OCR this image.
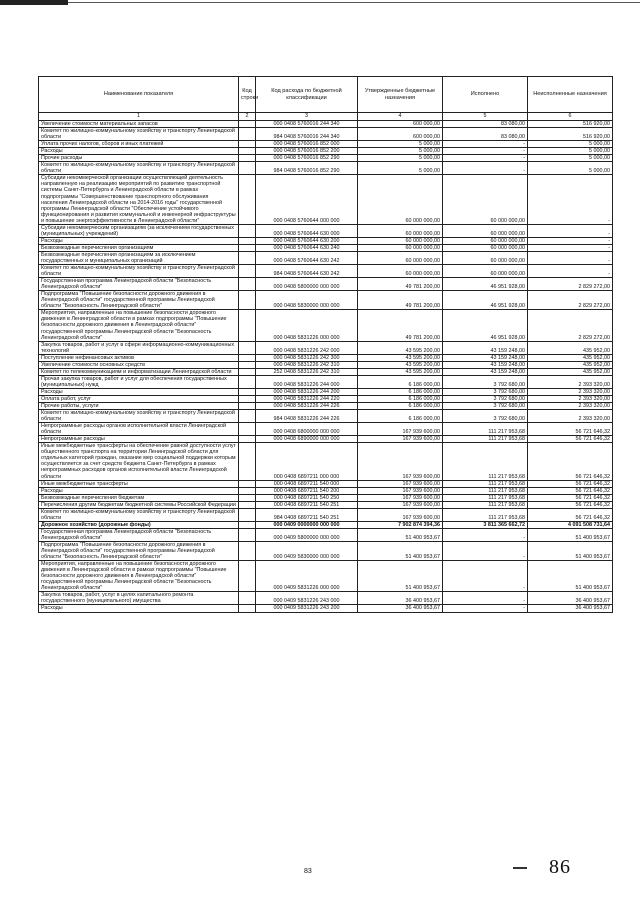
Наименование показателя	Код строки	Код расхода по бюджетной классификации	Утвержденные бюджетные назначения	Исполнено	Неисполненные назначения
1	2	3	4	5	6
Увеличение стоимости материальных запасов		000 0408 5760016 244 340	600 000,00	83 080,00	516 920,00
Комитет по жилищно-коммунальному хозяйству и транспорту Ленинградской области		984 0408 5760016 244 340	600 000,00	83 080,00	516 920,00
Уплата прочих налогов, сборов и иных платежей		000 0408 5760016 852 000	5 000,00	-	5 000,00
Расходы		000 0408 5760016 852 200	5 000,00	-	5 000,00
Прочие расходы		000 0408 5760016 852 290	5 000,00	-	5 000,00
Комитет по жилищно-коммунальному хозяйству и транспорту Ленинградской области		984 0408 5760016 852 290	5 000,00	-	5 000,00
Субсидии некоммерческой организации осуществляющей деятельность направленную на реализацию мероприятий по развитию транспортной системы Санкт-Петербурга и Ленинградской области в рамках подпрограммы "Совершенствование транспортного обслуживания населения Ленинградской области на 2014-2016 годы" государственной программы Ленинградской области "Обеспечение устойчивого функционирования и развития коммунальной и инженерной инфраструктуры и повышение энергоэффективности в Ленинградской области"		000 0408 5760644 000 000	60 000 000,00	60 000 000,00	-
Субсидии некоммерческим организациям (за исключением государственных (муниципальных) учреждений)		000 0408 5760644 630 000	60 000 000,00	60 000 000,00	-
Расходы		000 0408 5760644 630 200	60 000 000,00	60 000 000,00	-
Безвозмездные перечисления организациям		000 0408 5760644 630 240	60 000 000,00	60 000 000,00	-
Безвозмездные перечисления организациям за исключением государственных и муниципальных организаций		000 0408 5760644 630 242	60 000 000,00	60 000 000,00	-
Комитет по жилищно-коммунальному хозяйству и транспорту Ленинградской области		984 0408 5760644 630 242	60 000 000,00	60 000 000,00	-
Государственная программа Ленинградской области "Безопасность Ленинградской области"		000 0408 5800000 000 000	49 781 200,00	46 951 928,00	2 829 272,00
Подпрограмма "Повышение безопасности дорожного движения в Ленинградской области" государственной программы Ленинградской области "Безопасность Ленинградской области"		000 0408 5830000 000 000	49 781 200,00	46 951 928,00	2 829 272,00
Мероприятия, направленные на повышение безопасности дорожного движения в Ленинградской области в рамках подпрограммы "Повышение безопасности дорожного движения в Ленинградской области" государственной программы Ленинградской области "Безопасность Ленинградской области"		000 0408 5831226 000 000	49 781 200,00	46 951 928,00	2 829 272,00
Закупка товаров, работ и услуг в сфере информационно-коммуникационных технологий		000 0408 5831226 242 000	43 595 200,00	43 159 248,00	435 952,00
Поступление нефинансовых активов		000 0408 5831226 242 300	43 595 200,00	43 159 248,00	435 952,00
Увеличение стоимости основных средств		000 0408 5831226 242 310	43 595 200,00	43 159 248,00	435 952,00
Комитет по телекоммуникациям и информатизации Ленинградской области		252 0408 5831226 242 310	43 595 200,00	43 159 248,00	435 952,00
Прочая закупка товаров, работ и услуг для обеспечения государственных (муниципальных) нужд		000 0408 5831226 244 000	6 186 000,00	3 792 680,00	2 393 320,00
Расходы		000 0408 5831226 244 200	6 186 000,00	3 792 680,00	2 393 320,00
Оплата работ, услуг		000 0408 5831226 244 220	6 186 000,00	3 792 680,00	2 393 320,00
Прочие работы, услуги		000 0408 5831226 244 226	6 186 000,00	3 792 680,00	2 393 320,00
Комитет по жилищно-коммунальному хозяйству и транспорту Ленинградской области		984 0408 5831226 244 226	6 186 000,00	3 792 680,00	2 393 320,00
Непрограммные расходы органов исполнительной власти Ленинградской области		000 0408 6800000 000 000	167 939 600,00	111 217 953,68	56 721 646,32
Непрограммные расходы		000 0408 6890000 000 000	167 939 600,00	111 217 953,68	56 721 646,32
Иные межбюджетные трансферты на обеспечение равной доступности услуг общественного транспорта на территории Ленинградской области для отдельных категорий граждан, оказание мер социальной поддержки которым осуществляется за счет средств бюджета Санкт-Петербурга в рамках непрограммных расходов органов исполнительной власти Ленинградской области		000 0408 6897211 000 000	167 939 600,00	111 217 953,68	56 721 646,32
Иные межбюджетные трансферты		000 0408 6897211 540 000	167 939 600,00	111 217 953,68	56 721 646,32
Расходы		000 0408 6897211 540 200	167 939 600,00	111 217 953,68	56 721 646,32
Безвозмездные перечисления бюджетам		000 0408 6897211 540 250	167 939 600,00	111 217 953,68	56 721 646,32
Перечисления другим бюджетам бюджетной системы Российской Федерации		000 0408 6897211 540 251	167 939 600,00	111 217 953,68	56 721 646,32
Комитет по жилищно-коммунальному хозяйству и транспорту Ленинградской области		984 0408 6897211 540 251	167 939 600,00	111 217 953,68	56 721 646,32
Дорожное хозяйство (дорожные фонды)		000 0409 0000000 000 000	7 902 874 394,36	3 811 365 662,72	4 091 508 731,64
Государственная программа Ленинградской области "Безопасность Ленинградской области"		000 0409 5800000 000 000	51 400 953,67	-	51 400 953,67
Подпрограмма "Повышение безопасности дорожного движения в Ленинградской области" государственной программы Ленинградской области "Безопасность Ленинградской области"		000 0409 5830000 000 000	51 400 953,67	-	51 400 953,67
Мероприятия, направленные на повышение безопасности дорожного движения в Ленинградской области в рамках подпрограммы "Повышение безопасности дорожного движения в Ленинградской области" государственной программы Ленинградской области "Безопасность Ленинградской области"		000 0409 5831226 000 000	51 400 953,67	-	51 400 953,67
Закупка товаров, работ, услуг в целях капитального ремонта государственного (муниципального) имущества		000 0409 5831226 243 000	36 400 953,67	-	36 400 953,67
Расходы		000 0409 5831226 243 200	36 400 953,67	-	36 400 953,67
83	86
